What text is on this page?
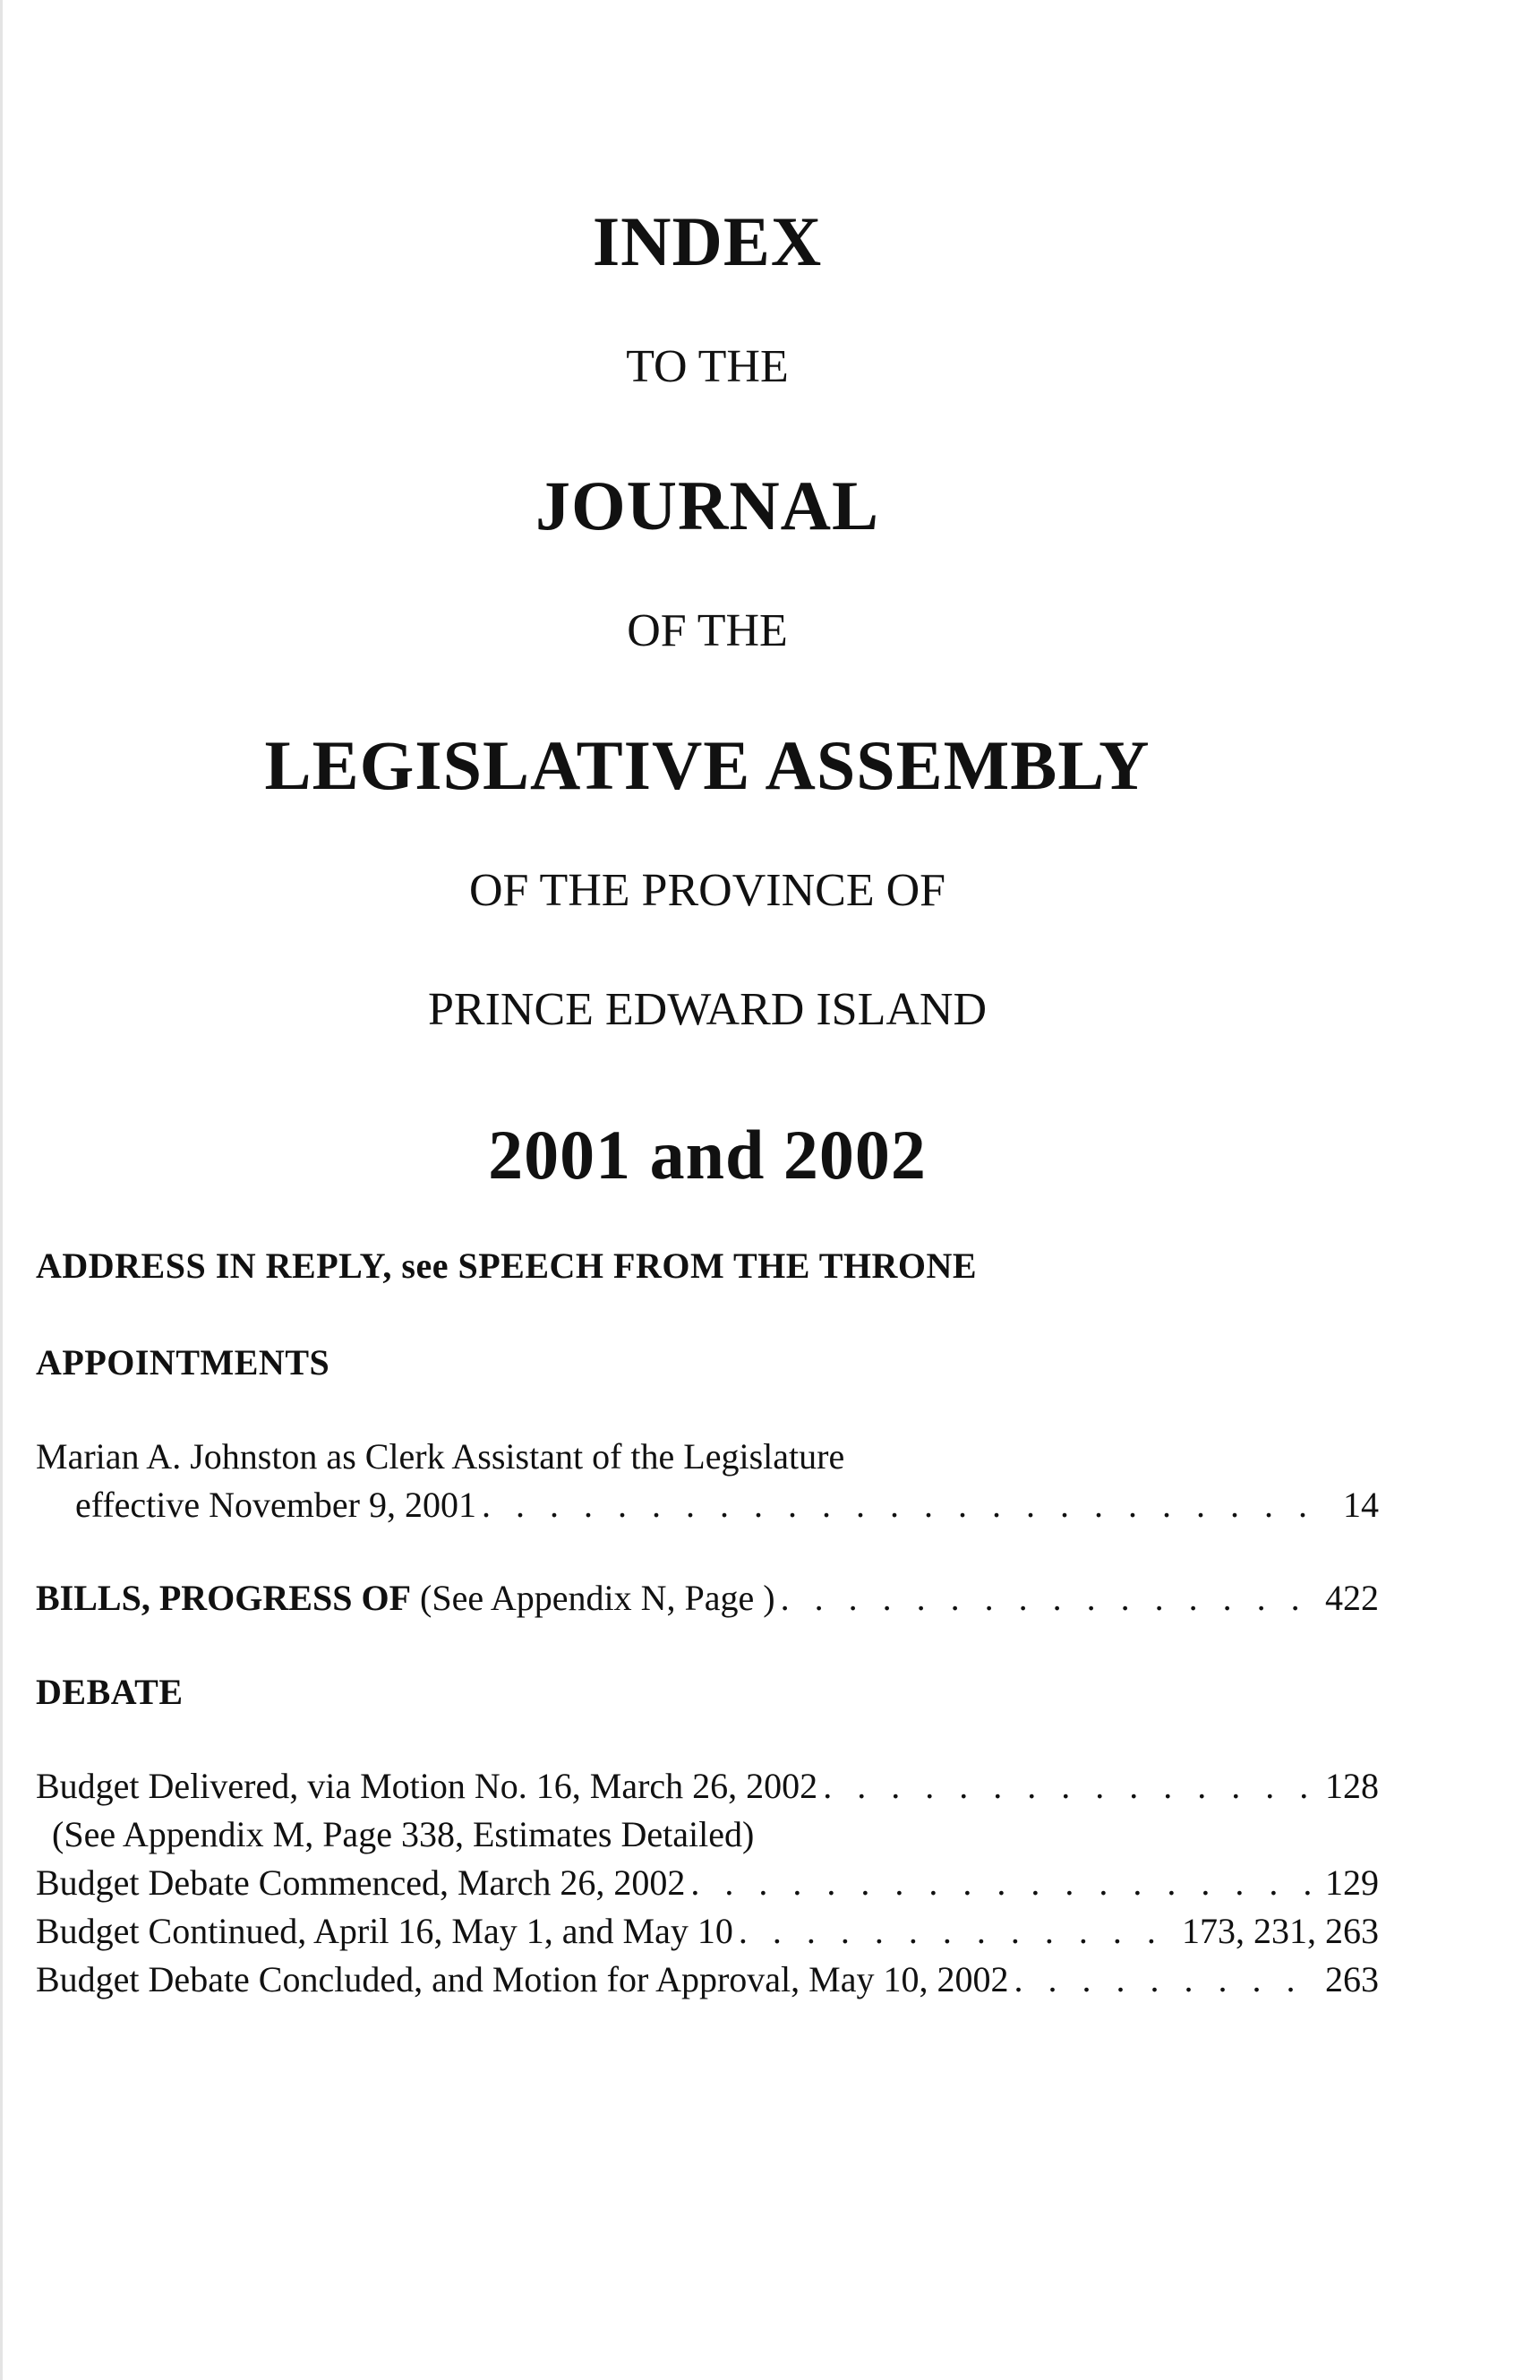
INDEX
TO THE
JOURNAL
OF THE
LEGISLATIVE ASSEMBLY
OF THE PROVINCE OF
PRINCE EDWARD ISLAND
2001 and 2002
ADDRESS IN REPLY, see SPEECH FROM THE THRONE
APPOINTMENTS
Marian A. Johnston as Clerk Assistant of the Legislature
effective November 9, 2001 . . .	14
BILLS, PROGRESS OF (See Appendix N, Page ) . . .	422
DEBATE
Budget Delivered, via Motion No. 16, March 26, 2002 . . .	128
(See Appendix M, Page 338, Estimates Detailed)
Budget Debate Commenced, March 26, 2002 . . .	129
Budget Continued, April 16, May 1, and May 10 . . .	173, 231, 263
Budget Debate Concluded, and Motion for Approval, May 10, 2002 . . .	263
